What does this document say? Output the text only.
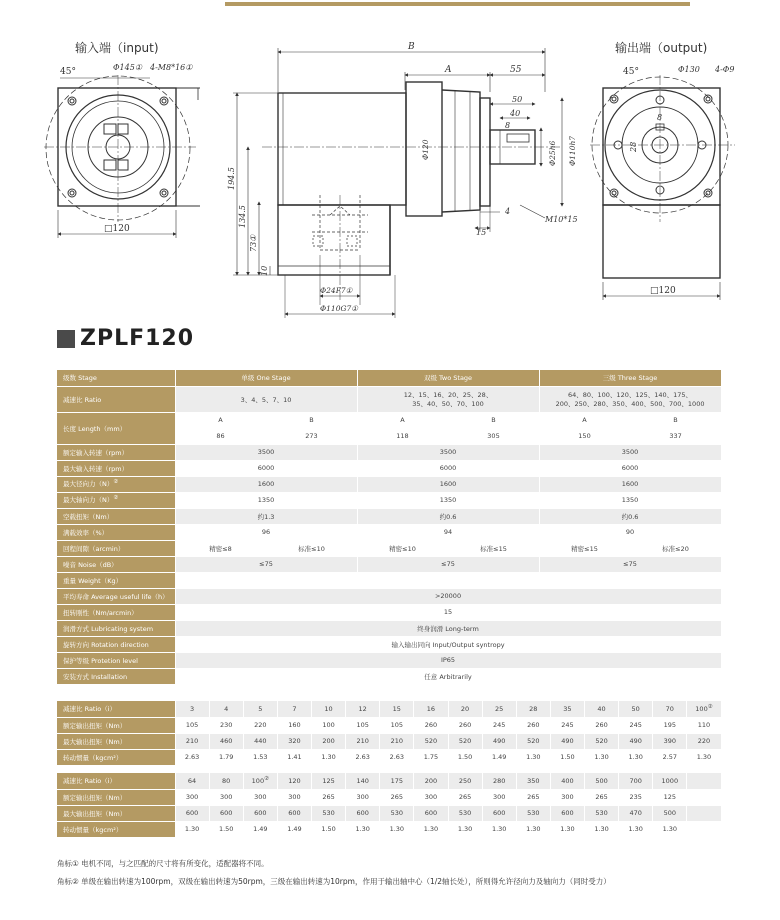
输入端（input)
45°	Φ145① 4-M8*16①
□120
B
A	55
50
40
8
Φ25h6 Φ110h7
Φ120
M10*15
4
194.5
134.5
73①
10
15
Φ24F7①
Φ110G7①
输出端（output)
45°	Φ130 4-Φ9
8
28
□120
ZPLF120
级数 Stage	单级 One Stage		双级 Two Stage		三级 Three Stage	
减速比 Ratio	3、4、5、7、10		12、15、16、20、25、28、
35、40、50、70、100		64、80、100、120、125、140、175、
200、250、280、350、400、500、700、1000	
长度 Length（mm）	A	B	A	B	A	B
	86	273	118	305	150	337
额定输入转速（rpm）	3500		3500		3500	
最大输入转速（rpm）	6000		6000		6000	
最大径向力（N）②	1600		1600		1600	
最大轴向力（N）②	1350		1350		1350	
空载扭矩（Nm）	约1.3		约0.6		约0.6	
满载效率（%）	96		94		90	
回程间隙（arcmin）	精密≤8	标准≤10	精密≤10	标准≤15	精密≤15	标准≤20
噪音 Noise（dB）	≤75		≤75		≤75	
重量 Weight（Kg）						
平均寿命 Average useful life（h）	>20000					
扭转刚性（Nm/arcmin）	15					
润滑方式 Lubricating system	终身润滑 Long-term					
旋转方向 Rotation direction	输入输出同向 Input/Output syntropy					
保护等级 Protetion level	IP65					
安装方式 Installation	任意 Arbitrarily					
减速比 Ratio（i）	3	4	5	7	10	12	15	16	20	25	28	35	40	50	70	100②
额定输出扭矩（Nm）	105	230	220	160	100	105	105	260	260	245	260	245	260	245	195	110
最大输出扭矩（Nm）	210	460	440	320	200	210	210	520	520	490	520	490	520	490	390	220
转动惯量（kgcm²）	2.63	1.79	1.53	1.41	1.30	2.63	2.63	1.75	1.50	1.49	1.30	1.50	1.30	1.30	2.57	1.30
减速比 Ratio（i）	64	80	100②	120	125	140	175	200	250	280	350	400	500	700	1000	
额定输出扭矩（Nm）	300	300	300	300	265	300	265	300	265	300	265	300	265	235	125	
最大输出扭矩（Nm）	600	600	600	600	530	600	530	600	530	600	530	600	530	470	500	
转动惯量（kgcm²）	1.30	1.50	1.49	1.49	1.50	1.30	1.30	1.30	1.30	1.30	1.30	1.30	1.30	1.30	1.30	
角标① 电机不同，与之匹配的尺寸将有所变化，适配器将不同。
角标② 单级在输出转速为100rpm，双级在输出转速为50rpm，三级在输出转速为10rpm，作用于输出轴中心（1/2轴长处），所则得允许径向力及轴向力（同时受力）
